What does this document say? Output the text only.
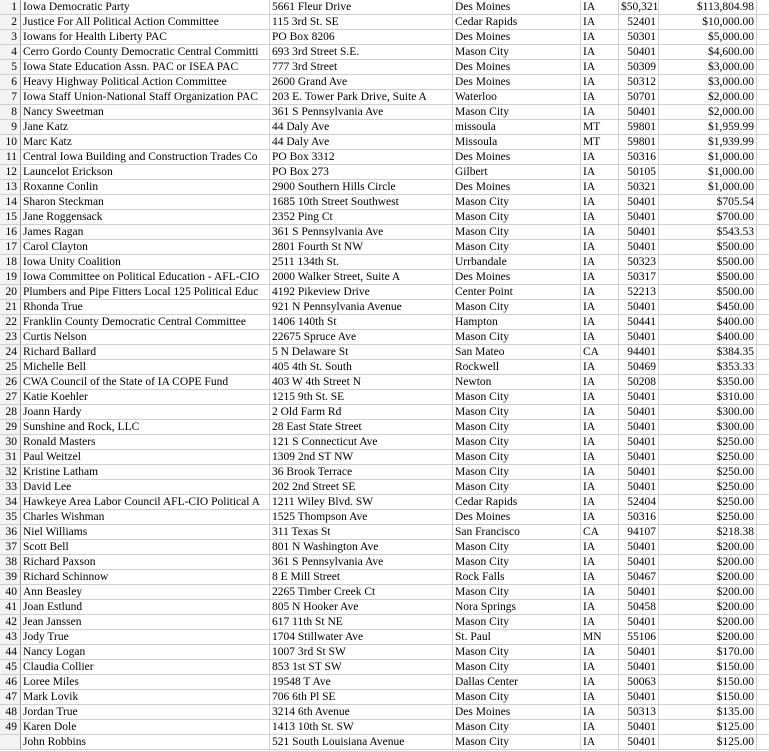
1 Iowa Democratic Party	5661 Fleur Drive	Des Moines	IA	$50,321	$113,804.98
2 Justice For All Political Action Committee	115 3rd St. SE	Cedar Rapids	IA	52401	$10,000.00
3 Iowans for Health Liberty PAC	PO Box 8206	Des Moines	IA	50301	$5,000.00
4 Cerro Gordo County Democratic Central Committi	693 3rd Street S.E.	Mason City	IA	50401	$4,600.00
5 Iowa State Education Assn. PAC or ISEA PAC	777 3rd Street	Des Moines	IA	50309	$3,000.00
6 Heavy Highway Political Action Committee	2600 Grand Ave	Des Moines	IA	50312	$3,000.00
7 Iowa Staff Union-National Staff Organization PAC	203 E. Tower Park Drive, Suite A	Waterloo	IA	50701	$2,000.00
8 Nancy Sweetman	361 S Pennsylvania Ave	Mason City	IA	50401	$2,000.00
9 Jane Katz	44 Daly Ave	missoula	MT	59801	$1,959.99
10 Marc Katz	44 Daly Ave	Missoula	MT	59801	$1,939.99
11 Central Iowa Building and Construction Trades Co	PO Box 3312	Des Moines	IA	50316	$1,000.00
12 Launcelot Erickson	PO Box 273	Gilbert	IA	50105	$1,000.00
13 Roxanne Conlin	2900 Southern Hills Circle	Des Moines	IA	50321	$1,000.00
14 Sharon Steckman	1685 10th Street Southwest	Mason City	IA	50401	$705.54
15 Jane Roggensack	2352 Ping Ct	Mason City	IA	50401	$700.00
16 James Ragan	361 S Pennsylvania Ave	Mason City	IA	50401	$543.53
17 Carol Clayton	2801 Fourth St NW	Mason City	IA	50401	$500.00
18 Iowa Unity Coalition	2511 134th St.	Urrbandale	IA	50323	$500.00
19 Iowa Committee on Political Education - AFL-CIO	2000 Walker Street, Suite A	Des Moines	IA	50317	$500.00
20 Plumbers and Pipe Fitters Local 125 Political Educ	4192 Pikeview Drive	Center Point	IA	52213	$500.00
21 Rhonda True	921 N Pennsylvania Avenue	Mason City	IA	50401	$450.00
22 Franklin County Democratic Central Committee	1406 140th St	Hampton	IA	50441	$400.00
23 Curtis Nelson	22675 Spruce Ave	Mason City	IA	50401	$400.00
24 Richard Ballard	5 N Delaware St	San Mateo	CA	94401	$384.35
25 Michelle Bell	405 4th St. South	Rockwell	IA	50469	$353.33
26 CWA Council of the State of IA COPE Fund	403 W 4th Street N	Newton	IA	50208	$350.00
27 Katie Koehler	1215 9th St. SE	Mason City	IA	50401	$310.00
28 Joann Hardy	2 Old Farm Rd	Mason City	IA	50401	$300.00
29 Sunshine and Rock, LLC	28 East State Street	Mason City	IA	50401	$300.00
30 Ronald Masters	121 S Connecticut Ave	Mason City	IA	50401	$250.00
31 Paul Weitzel	1309 2nd ST NW	Mason City	IA	50401	$250.00
32 Kristine Latham	36 Brook Terrace	Mason City	IA	50401	$250.00
33 David Lee	202 2nd Street SE	Mason City	IA	50401	$250.00
34 Hawkeye Area Labor Council AFL-CIO Political A	1211 Wiley Blvd. SW	Cedar Rapids	IA	52404	$250.00
35 Charles Wishman	1525 Thompson Ave	Des Moines	IA	50316	$250.00
36 Niel Williams	311 Texas St	San Francisco	CA	94107	$218.38
37 Scott Bell	801 N Washington Ave	Mason City	IA	50401	$200.00
38 Richard Paxson	361 S Pennsylvania Ave	Mason City	IA	50401	$200.00
39 Richard Schinnow	8 E Mill Street	Rock Falls	IA	50467	$200.00
40 Ann Beasley	2265 Timber Creek Ct	Mason City	IA	50401	$200.00
41 Joan Estlund	805 N Hooker Ave	Nora Springs	IA	50458	$200.00
42 Jean Janssen	617 11th St NE	Mason City	IA	50401	$200.00
43 Jody True	1704 Stillwater Ave	St. Paul	MN	55106	$200.00
44 Nancy Logan	1007 3rd St SW	Mason City	IA	50401	$170.00
45 Claudia Collier	853 1st ST SW	Mason City	IA	50401	$150.00
46 Loree Miles	19548 T Ave	Dallas Center	IA	50063	$150.00
47 Mark Lovik	706 6th Pl SE	Mason City	IA	50401	$150.00
48 Jordan True	3214 6th Avenue	Des Moines	IA	50313	$135.00
49 Karen Dole	1413 10th St. SW	Mason City	IA	50401	$125.00
John Robbins	521 South Louisiana Avenue	Mason City	IA	50401	$125.00
